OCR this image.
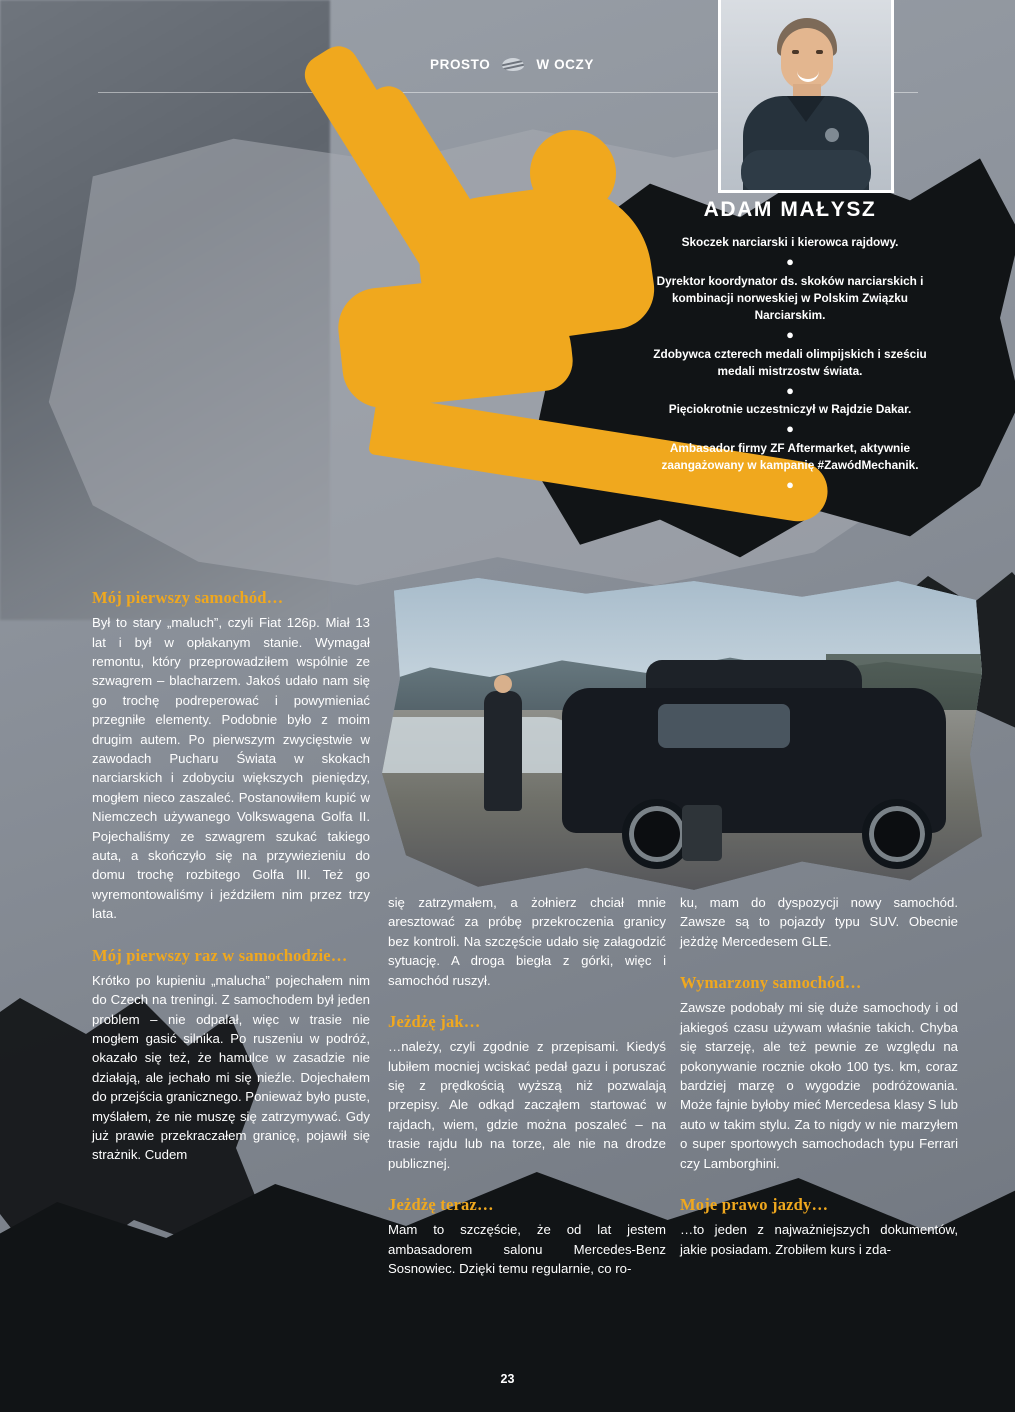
PROSTO	W OCZY
ADAM MAŁYSZ
Skoczek narciarski i kierowca rajdowy.
●
Dyrektor koordynator ds. skoków narciarskich i kombinacji norweskiej w Polskim Związku Narciarskim.
●
Zdobywca czterech medali olimpijskich i sześciu medali mistrzostw świata.
●
Pięciokrotnie uczestniczył w Rajdzie Dakar.
●
Ambasador firmy ZF Aftermarket, aktywnie zaangażowany w kampanię #ZawódMechanik.
●
Mój pierwszy samochód…

Był to stary „maluch”, czyli Fiat 126p. Miał 13 lat i był w opłakanym stanie. Wymagał remontu, który przeprowadziłem wspólnie ze szwagrem – blacharzem. Jakoś udało nam się go trochę podreperować i powymieniać przegniłe elementy. Podobnie było z moim drugim autem. Po pierwszym zwycięstwie w zawodach Pucharu Świata w skokach narciarskich i zdobyciu większych pieniędzy, mogłem nieco zaszaleć. Postanowiłem kupić w Niemczech używanego Volkswagena Golfa II. Pojechaliśmy ze szwagrem szukać takiego auta, a skończyło się na przywiezieniu do domu trochę rozbitego Golfa III. Też go wyremontowaliśmy i jeździłem nim przez trzy lata.

Mój pierwszy raz w samochodzie…

Krótko po kupieniu „malucha” pojechałem nim do Czech na treningi. Z samochodem był jeden problem – nie odpalał, więc w trasie nie mogłem gasić silnika. Po ruszeniu w podróż, okazało się też, że hamulce w zasadzie nie działają, ale jechało mi się nieźle. Dojechałem do przejścia granicznego. Ponieważ było puste, myślałem, że nie muszę się zatrzymywać. Gdy już prawie przekraczałem granicę, pojawił się strażnik. Cudem

się zatrzymałem, a żołnierz chciał mnie aresztować za próbę przekroczenia granicy bez kontroli. Na szczęście udało się załagodzić sytuację. A droga biegła z górki, więc i samochód ruszył.

Jeżdżę jak…

…należy, czyli zgodnie z przepisami. Kiedyś lubiłem mocniej wciskać pedał gazu i poruszać się z prędkością wyższą niż pozwalają przepisy. Ale odkąd zacząłem startować w rajdach, wiem, gdzie można poszaleć – na trasie rajdu lub na torze, ale nie na drodze publicznej.

Jeżdżę teraz…

Mam to szczęście, że od lat jestem ambasadorem salonu Mercedes-Benz Sosnowiec. Dzięki temu regularnie, co ro-

ku, mam do dyspozycji nowy samochód. Zawsze są to pojazdy typu SUV. Obecnie jeżdżę Mercedesem GLE.

Wymarzony samochód…

Zawsze podobały mi się duże samochody i od jakiegoś czasu używam właśnie takich. Chyba się starzeję, ale też pewnie ze względu na pokonywanie rocznie około 100 tys. km, coraz bardziej marzę o wygodzie podróżowania. Może fajnie byłoby mieć Mercedesa klasy S lub auto w takim stylu. Za to nigdy w nie marzyłem o super sportowych samochodach typu Ferrari czy Lamborghini.

Moje prawo jazdy…

…to jeden z najważniejszych dokumentów, jakie posiadam. Zrobiłem kurs i zda-

23
